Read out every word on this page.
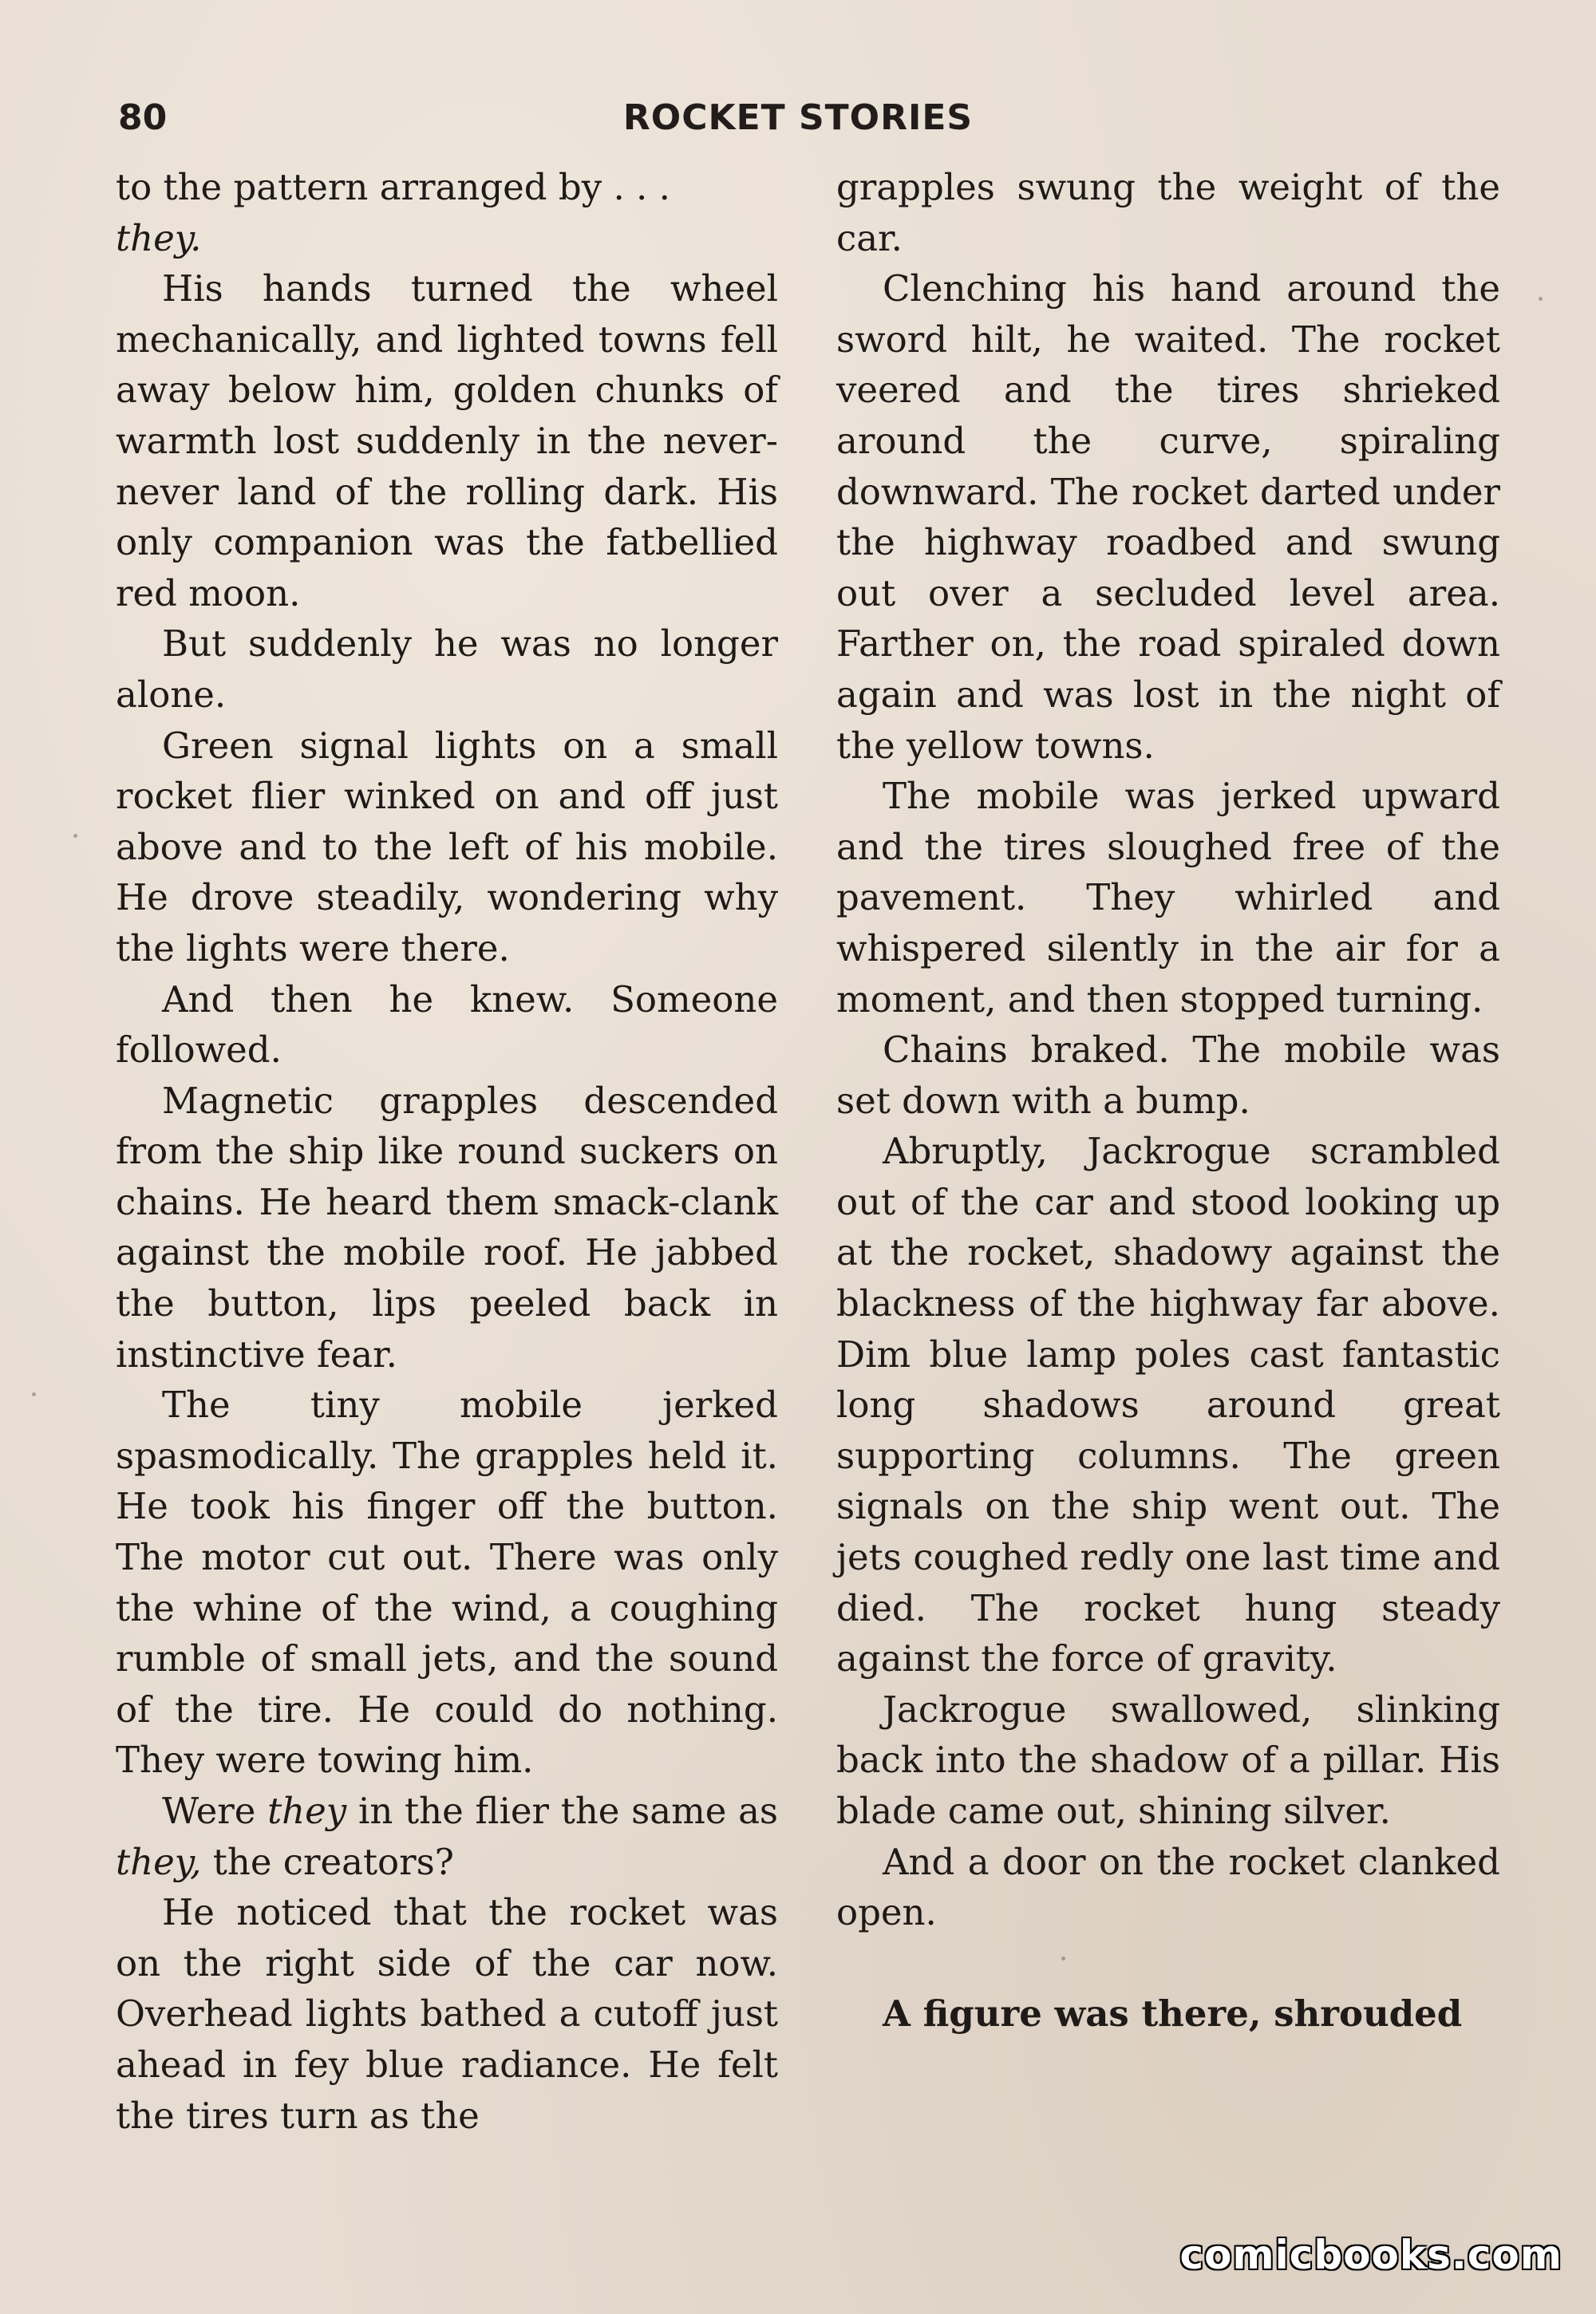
80	ROCKET STORIES

to the pattern arranged by . . .
they.

His hands turned the wheel mechanically, and lighted towns fell away below him, golden chunks of warmth lost suddenly in the never-never land of the rolling dark. His only companion was the fatbellied red moon.

But suddenly he was no longer alone.

Green signal lights on a small rocket flier winked on and off just above and to the left of his mobile. He drove steadily, wondering why the lights were there.

And then he knew. Someone followed.

Magnetic grapples descended from the ship like round suckers on chains. He heard them smack-clank against the mobile roof. He jabbed the button, lips peeled back in instinctive fear.

The tiny mobile jerked spasmodically. The grapples held it. He took his finger off the button. The motor cut out. There was only the whine of the wind, a coughing rumble of small jets, and the sound of the tire. He could do nothing. They were towing him.

Were they in the flier the same as they, the creators?

He noticed that the rocket was on the right side of the car now. Overhead lights bathed a cutoff just ahead in fey blue radiance. He felt the tires turn as the

grapples swung the weight of the car.

Clenching his hand around the sword hilt, he waited. The rocket veered and the tires shrieked around the curve, spiraling downward. The rocket darted under the highway roadbed and swung out over a secluded level area. Farther on, the road spiraled down again and was lost in the night of the yellow towns.

The mobile was jerked upward and the tires sloughed free of the pavement. They whirled and whispered silently in the air for a moment, and then stopped turning.

Chains braked. The mobile was set down with a bump.

Abruptly, Jackrogue scrambled out of the car and stood looking up at the rocket, shadowy against the blackness of the highway far above. Dim blue lamp poles cast fantastic long shadows around great supporting columns. The green signals on the ship went out. The jets coughed redly one last time and died. The rocket hung steady against the force of gravity.

Jackrogue swallowed, slinking back into the shadow of a pillar. His blade came out, shining silver.

And a door on the rocket clanked open.

A figure was there, shrouded

comicbooks.com
